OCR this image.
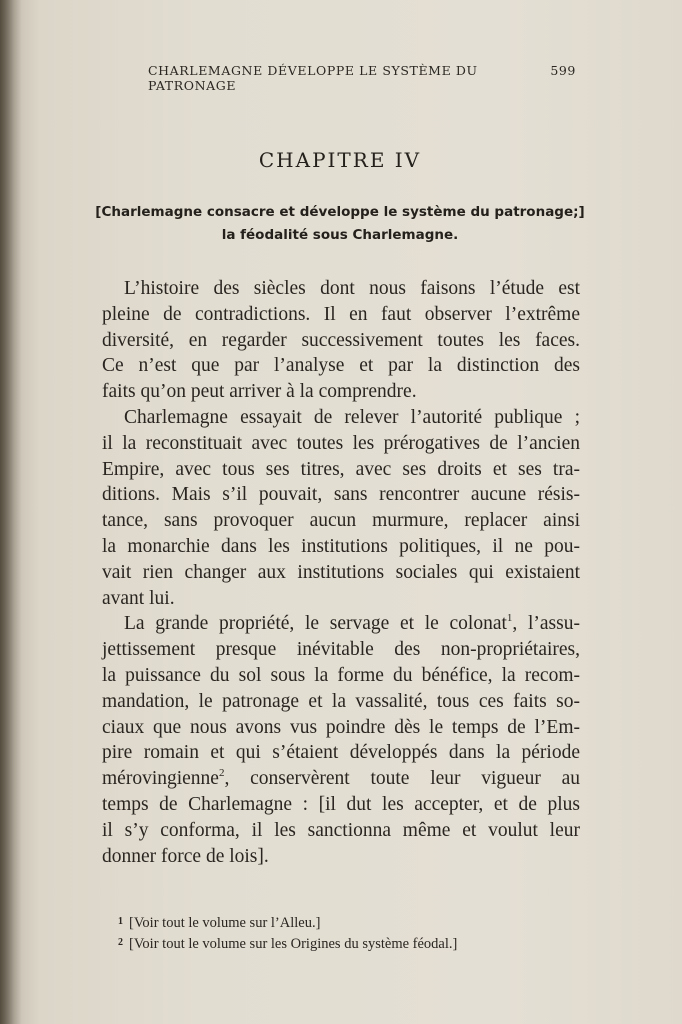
CHARLEMAGNE DÉVELOPPE LE SYSTÈME DU PATRONAGE
599
CHAPITRE IV
[Charlemagne consacre et développe le système du patronage;]
la féodalité sous Charlemagne.
L’histoire des siècles dont nous faisons l’étude est
pleine de contradictions. Il en faut observer l’extrême
diversité, en regarder successivement toutes les faces.
Ce n’est que par l’analyse et par la distinction des
faits qu’on peut arriver à la comprendre.
Charlemagne essayait de relever l’autorité publique ;
il la reconstituait avec toutes les prérogatives de l’ancien
Empire, avec tous ses titres, avec ses droits et ses tra-
ditions. Mais s’il pouvait, sans rencontrer aucune résis-
tance, sans provoquer aucun murmure, replacer ainsi
la monarchie dans les institutions politiques, il ne pou-
vait rien changer aux institutions sociales qui existaient
avant lui.
La grande propriété, le servage et le colonat$^1$, l’assu-
jettissement presque inévitable des non-propriétaires,
la puissance du sol sous la forme du bénéfice, la recom-
mandation, le patronage et la vassalité, tous ces faits so-
ciaux que nous avons vus poindre dès le temps de l’Em-
pire romain et qui s’étaient développés dans la période
mérovingienne$^2$, conservèrent toute leur vigueur au
temps de Charlemagne : [il dut les accepter, et de plus
il s’y conforma, il les sanctionna même et voulut leur
donner force de lois].
$^1$ [Voir tout le volume sur l’Alleu.]
$^2$ [Voir tout le volume sur les Origines du système féodal.]
